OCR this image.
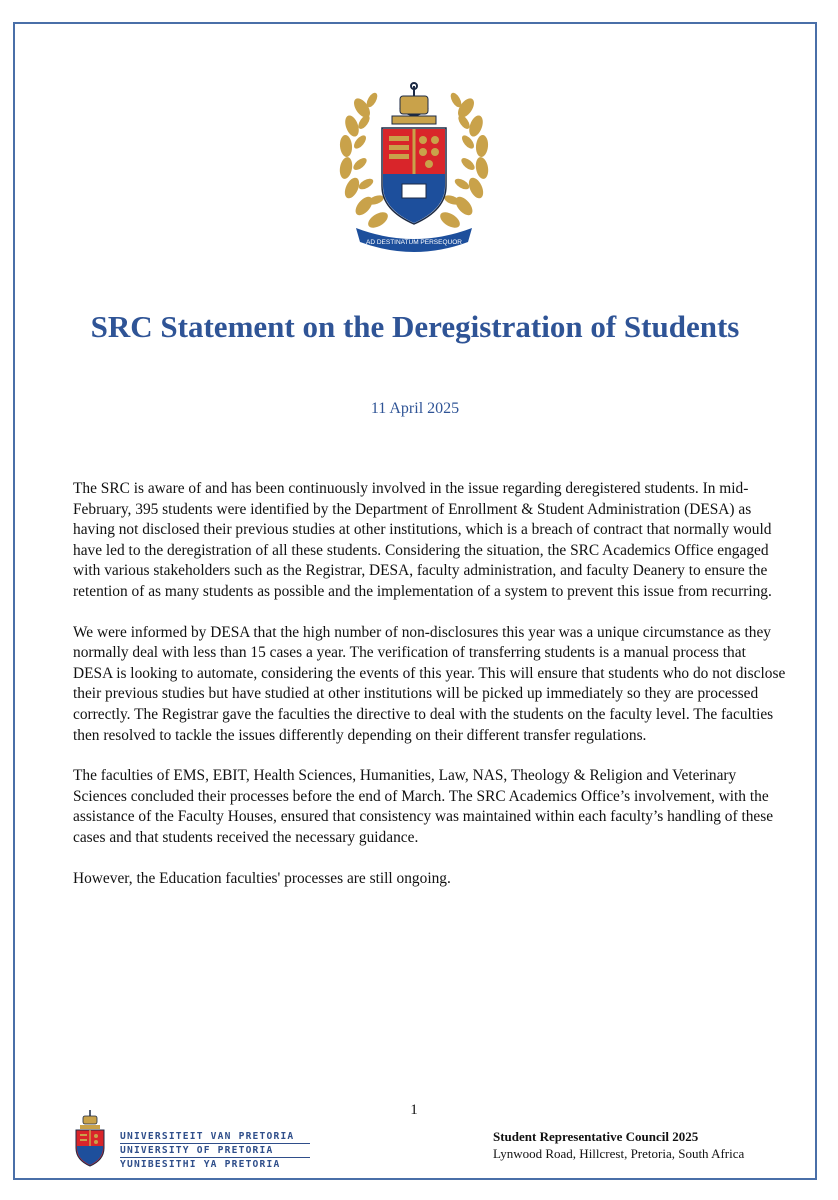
AD DESTINATUM PERSEQUOR
SRC Statement on the Deregistration of Students
11 April 2025

The SRC is aware of and has been continuously involved in the issue regarding deregistered students. In mid-February, 395 students were identified by the Department of Enrollment & Student Administration (DESA) as having not disclosed their previous studies at other institutions, which is a breach of contract that normally would have led to the deregistration of all these students. Considering the situation, the SRC Academics Office engaged with various stakeholders such as the Registrar, DESA, faculty administration, and faculty Deanery to ensure the retention of as many students as possible and the implementation of a system to prevent this issue from recurring.

We were informed by DESA that the high number of non-disclosures this year was a unique circumstance as they normally deal with less than 15 cases a year. The verification of transferring students is a manual process that DESA is looking to automate, considering the events of this year. This will ensure that students who do not disclose their previous studies but have studied at other institutions will be picked up immediately so they are processed correctly. The Registrar gave the faculties the directive to deal with the students on the faculty level. The faculties then resolved to tackle the issues differently depending on their different transfer regulations.

The faculties of EMS, EBIT, Health Sciences, Humanities, Law, NAS, Theology & Religion and Veterinary Sciences concluded their processes before the end of March. The SRC Academics Office’s involvement, with the assistance of the Faculty Houses, ensured that consistency was maintained within each faculty’s handling of these cases and that students received the necessary guidance.

However, the Education faculties' processes are still ongoing.

1
UNIVERSITEIT VAN PRETORIA
UNIVERSITY OF PRETORIA
YUNIBESITHI YA PRETORIA
Student Representative Council 2025
Lynwood Road, Hillcrest, Pretoria, South Africa
